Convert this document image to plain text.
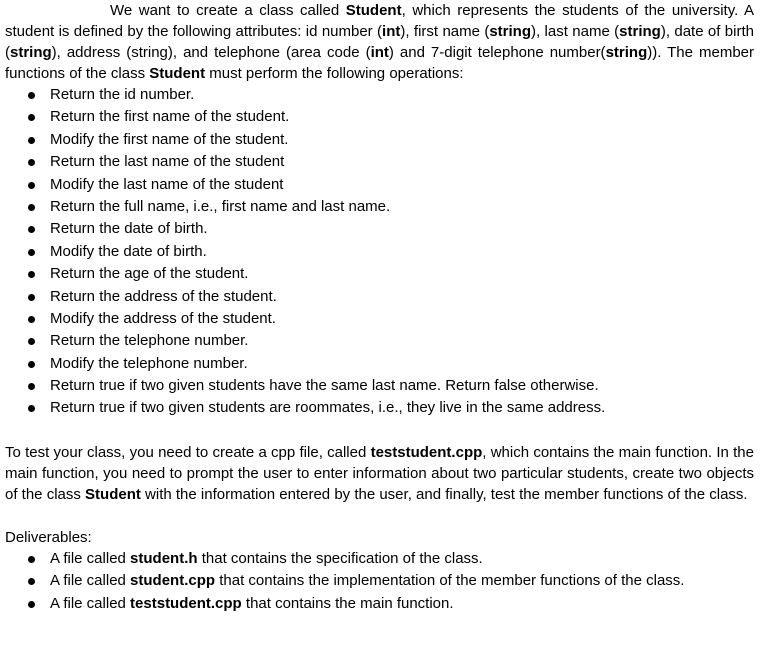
We want to create a class called Student, which represents the students of the university. A student is defined by the following attributes: id number (int), first name (string), last name (string), date of birth (string), address (string), and telephone (area code (int) and 7-digit telephone number(string)). The member functions of the class Student must perform the following operations:

Return the id number.
Return the first name of the student.
Modify the first name of the student.
Return the last name of the student
Modify the last name of the student
Return the full name, i.e., first name and last name.
Return the date of birth.
Modify the date of birth.
Return the age of the student.
Return the address of the student.
Modify the address of the student.
Return the telephone number.
Modify the telephone number.
Return true if two given students have the same last name. Return false otherwise.
Return true if two given students are roommates, i.e., they live in the same address.

To test your class, you need to create a cpp file, called teststudent.cpp, which contains the main function. In the main function, you need to prompt the user to enter information about two particular students, create two objects of the class Student with the information entered by the user, and finally, test the member functions of the class.

Deliverables:

A file called student.h that contains the specification of the class.
A file called student.cpp that contains the implementation of the member functions of the class.
A file called teststudent.cpp that contains the main function.
